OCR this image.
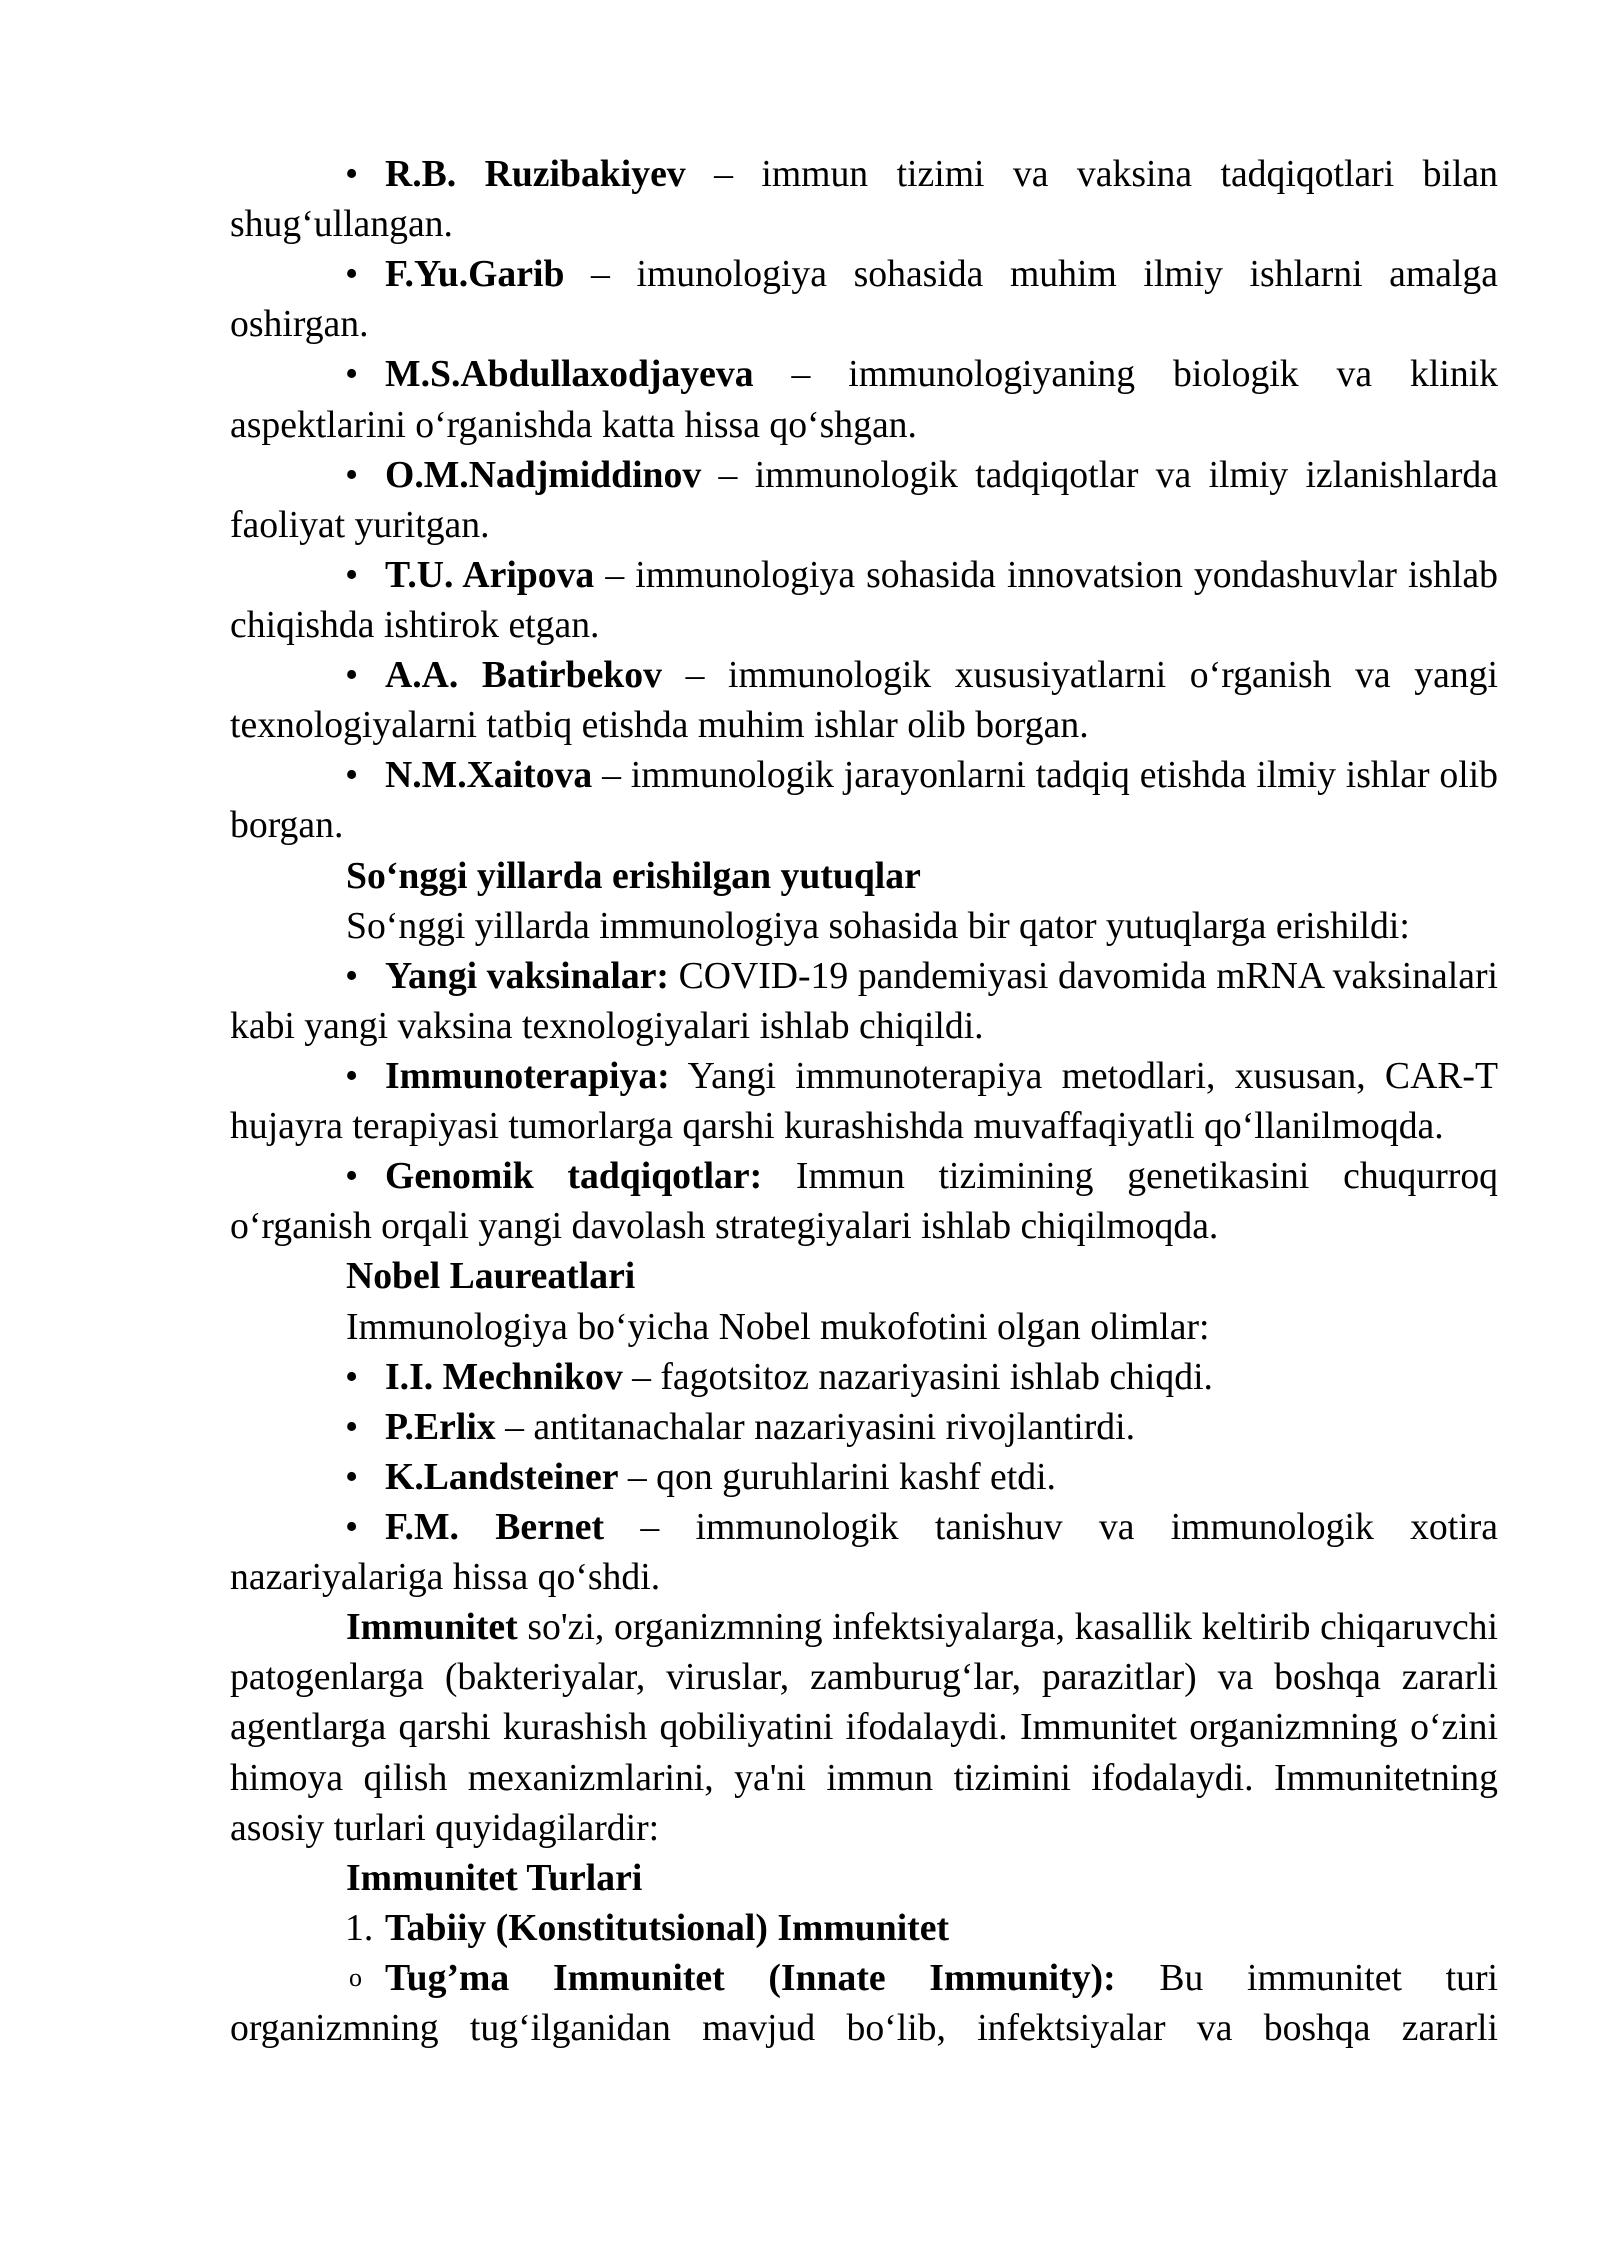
• R.B. Ruzibakiyev – immun tizimi va vaksina tadqiqotlari bilan
shug‘ullangan.
• F.Yu.Garib – imunologiya sohasida muhim ilmiy ishlarni amalga
oshirgan.
• M.S.Abdullaxodjayeva – immunologiyaning biologik va klinik
aspektlarini o‘rganishda katta hissa qo‘shgan.
• O.M.Nadjmiddinov – immunologik tadqiqotlar va ilmiy izlanishlarda
faoliyat yuritgan.
• T.U. Aripova – immunologiya sohasida innovatsion yondashuvlar ishlab
chiqishda ishtirok etgan.
• A.A. Batirbekov – immunologik xususiyatlarni o‘rganish va yangi
texnologiyalarni tatbiq etishda muhim ishlar olib borgan.
• N.M.Xaitova – immunologik jarayonlarni tadqiq etishda ilmiy ishlar olib
borgan.
So‘nggi yillarda erishilgan yutuqlar
So‘nggi yillarda immunologiya sohasida bir qator yutuqlarga erishildi:
• Yangi vaksinalar: COVID-19 pandemiyasi davomida mRNA vaksinalari
kabi yangi vaksina texnologiyalari ishlab chiqildi.
• Immunoterapiya: Yangi immunoterapiya metodlari, xususan, CAR-T
hujayra terapiyasi tumorlarga qarshi kurashishda muvaffaqiyatli qo‘llanilmoqda.
• Genomik tadqiqotlar: Immun tizimining genetikasini chuqurroq
o‘rganish orqali yangi davolash strategiyalari ishlab chiqilmoqda.
Nobel Laureatlari
Immunologiya bo‘yicha Nobel mukofotini olgan olimlar:
• I.I. Mechnikov – fagotsitoz nazariyasini ishlab chiqdi.
• P.Erlix – antitanachalar nazariyasini rivojlantirdi.
• K.Landsteiner – qon guruhlarini kashf etdi.
• F.M. Bernet – immunologik tanishuv va immunologik xotira
nazariyalariga hissa qo‘shdi.
Immunitet so'zi, organizmning infektsiyalarga, kasallik keltirib chiqaruvchi
patogenlarga (bakteriyalar, viruslar, zamburug‘lar, parazitlar) va boshqa zararli
agentlarga qarshi kurashish qobiliyatini ifodalaydi. Immunitet organizmning o‘zini
himoya qilish mexanizmlarini, ya'ni immun tizimini ifodalaydi. Immunitetning
asosiy turlari quyidagilardir:
Immunitet Turlari
1. Tabiiy (Konstitutsional) Immunitet
o Tug’ma Immunitet (Innate Immunity): Bu immunitet turi
organizmning tug‘ilganidan mavjud bo‘lib, infektsiyalar va boshqa zararli
